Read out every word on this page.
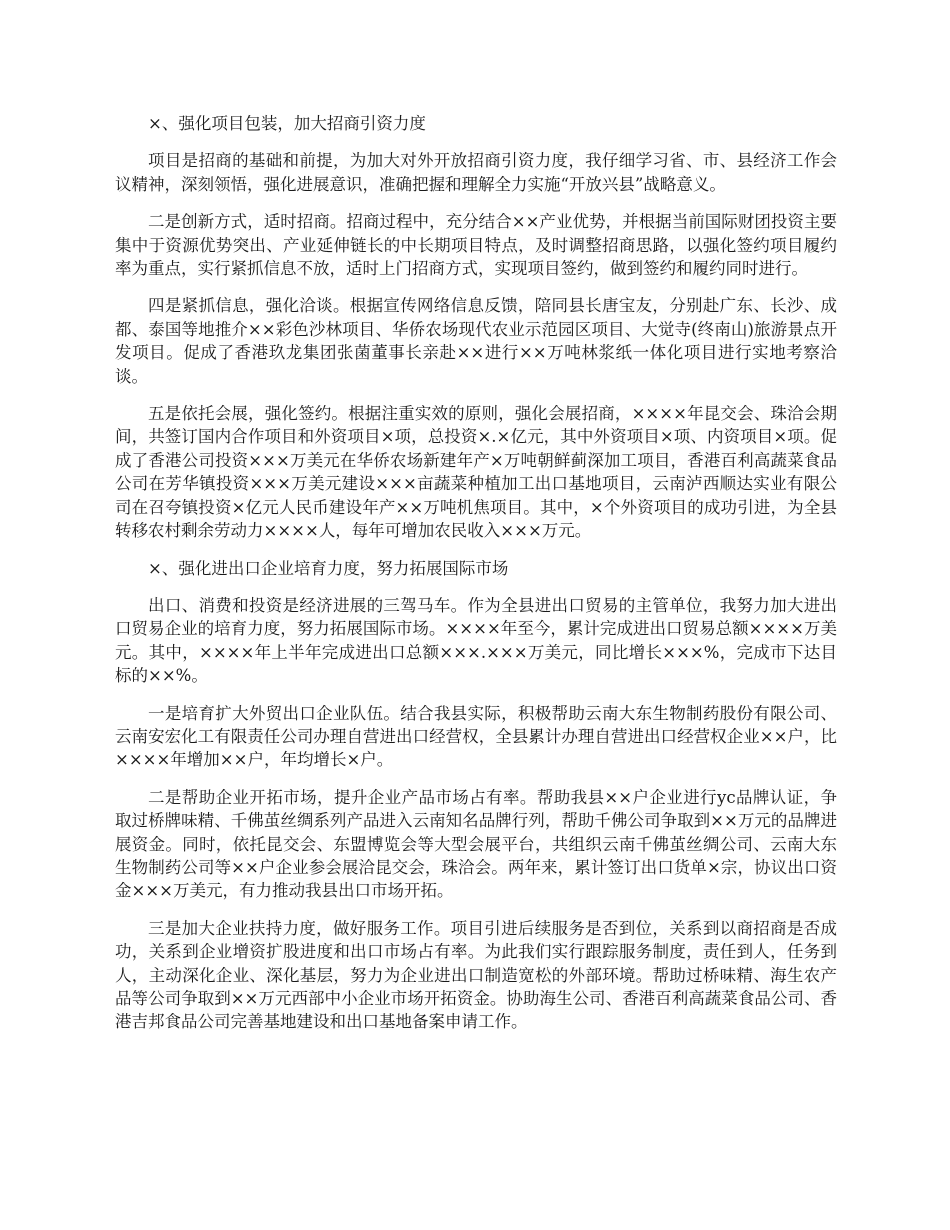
×、强化项目包装，加大招商引资力度

项目是招商的基础和前提，为加大对外开放招商引资力度，我仔细学习省、市、县经济工作会议精神，深刻领悟，强化进展意识，准确把握和理解全力实施“开放兴县”战略意义。

二是创新方式，适时招商。招商过程中，充分结合××产业优势，并根据当前国际财团投资主要集中于资源优势突出、产业延伸链长的中长期项目特点，及时调整招商思路，以强化签约项目履约率为重点，实行紧抓信息不放，适时上门招商方式，实现项目签约，做到签约和履约同时进行。

四是紧抓信息，强化洽谈。根据宣传网络信息反馈，陪同县长唐宝友，分别赴广东、长沙、成都、泰国等地推介××彩色沙林项目、华侨农场现代农业示范园区项目、大觉寺(终南山)旅游景点开发项目。促成了香港玖龙集团张菌董事长亲赴××进行××万吨林浆纸一体化项目进行实地考察洽谈。

五是依托会展，强化签约。根据注重实效的原则，强化会展招商，××××年昆交会、珠洽会期间，共签订国内合作项目和外资项目×项，总投资×.×亿元，其中外资项目×项、内资项目×项。促成了香港公司投资×××万美元在华侨农场新建年产×万吨朝鲜蓟深加工项目，香港百利高蔬菜食品公司在芳华镇投资×××万美元建设×××亩蔬菜种植加工出口基地项目，云南泸西顺达实业有限公司在召夸镇投资×亿元人民币建设年产××万吨机焦项目。其中，×个外资项目的成功引进，为全县转移农村剩余劳动力××××人，每年可增加农民收入×××万元。

×、强化进出口企业培育力度，努力拓展国际市场

出口、消费和投资是经济进展的三驾马车。作为全县进出口贸易的主管单位，我努力加大进出口贸易企业的培育力度，努力拓展国际市场。××××年至今，累计完成进出口贸易总额××××万美元。其中，××××年上半年完成进出口总额×××.×××万美元，同比增长×××%，完成市下达目标的××%。

一是培育扩大外贸出口企业队伍。结合我县实际，积极帮助云南大东生物制药股份有限公司、云南安宏化工有限责任公司办理自营进出口经营权，全县累计办理自营进出口经营权企业××户，比××××年增加××户，年均增长×户。

二是帮助企业开拓市场，提升企业产品市场占有率。帮助我县××户企业进行yc品牌认证，争取过桥牌味精、千佛茧丝绸系列产品进入云南知名品牌行列，帮助千佛公司争取到××万元的品牌进展资金。同时，依托昆交会、东盟博览会等大型会展平台，共组织云南千佛茧丝绸公司、云南大东生物制药公司等××户企业参会展洽昆交会，珠洽会。两年来，累计签订出口货单×宗，协议出口资金×××万美元，有力推动我县出口市场开拓。

三是加大企业扶持力度，做好服务工作。项目引进后续服务是否到位，关系到以商招商是否成功，关系到企业增资扩股进度和出口市场占有率。为此我们实行跟踪服务制度，责任到人，任务到人，主动深化企业、深化基层，努力为企业进出口制造宽松的外部环境。帮助过桥味精、海生农产品等公司争取到××万元西部中小企业市场开拓资金。协助海生公司、香港百利高蔬菜食品公司、香港吉邦食品公司完善基地建设和出口基地备案申请工作。
